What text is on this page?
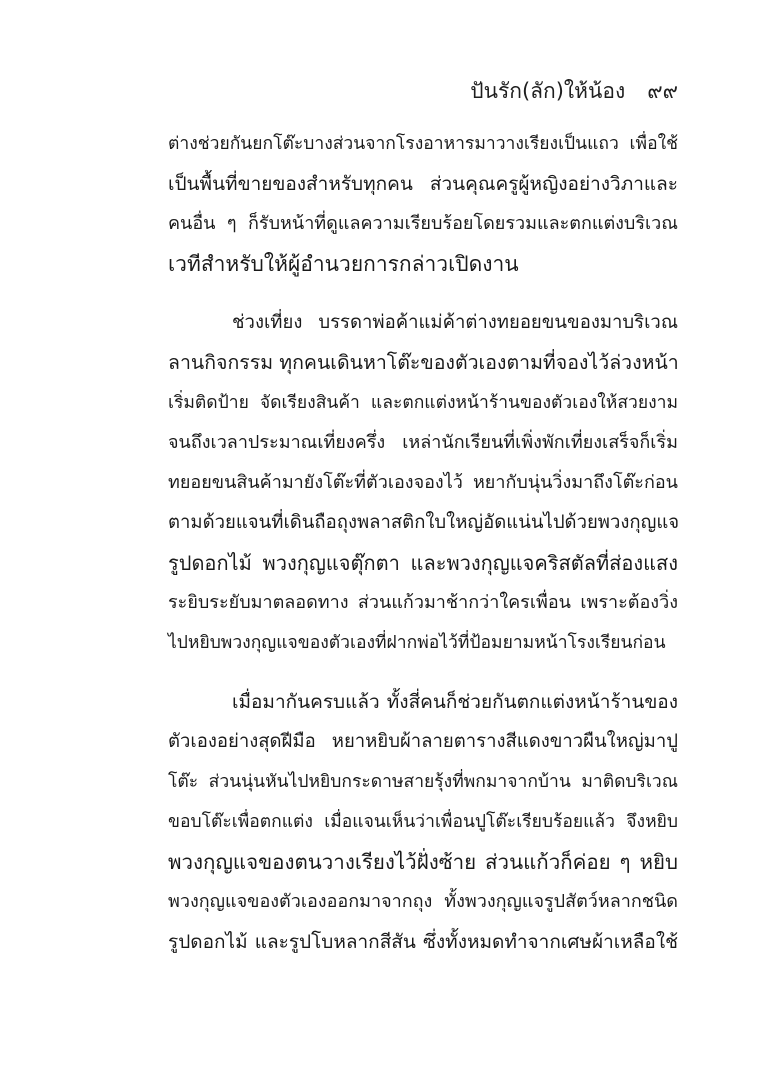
ปันรัก(ลัก)ให้น้อง ๙๙
ต่างช่วยกันยกโต๊ะบางส่วนจากโรงอาหารมาวางเรียงเป็นแถว เพื่อใช้
เป็นพื้นที่ขายของสำหรับทุกคน ส่วนคุณครูผู้หญิงอย่างวิภาและ
คนอื่น ๆ ก็รับหน้าที่ดูแลความเรียบร้อยโดยรวมและตกแต่งบริเวณ
เวทีสำหรับให้ผู้อำนวยการกล่าวเปิดงาน
ช่วงเที่ยง บรรดาพ่อค้าแม่ค้าต่างทยอยขนของมาบริเวณ
ลานกิจกรรม ทุกคนเดินหาโต๊ะของตัวเองตามที่จองไว้ล่วงหน้า
เริ่มติดป้าย จัดเรียงสินค้า และตกแต่งหน้าร้านของตัวเองให้สวยงาม
จนถึงเวลาประมาณเที่ยงครึ่ง เหล่านักเรียนที่เพิ่งพักเที่ยงเสร็จก็เริ่ม
ทยอยขนสินค้ามายังโต๊ะที่ตัวเองจองไว้ หยากับนุ่นวิ่งมาถึงโต๊ะก่อน
ตามด้วยแจนที่เดินถือถุงพลาสติกใบใหญ่อัดแน่นไปด้วยพวงกุญแจ
รูปดอกไม้ พวงกุญแจตุ๊กตา และพวงกุญแจคริสตัลที่ส่องแสง
ระยิบระยับมาตลอดทาง ส่วนแก้วมาช้ากว่าใครเพื่อน เพราะต้องวิ่ง
ไปหยิบพวงกุญแจของตัวเองที่ฝากพ่อไว้ที่ป้อมยามหน้าโรงเรียนก่อน
เมื่อมากันครบแล้ว ทั้งสี่คนก็ช่วยกันตกแต่งหน้าร้านของ
ตัวเองอย่างสุดฝีมือ หยาหยิบผ้าลายตารางสีแดงขาวผืนใหญ่มาปู
โต๊ะ ส่วนนุ่นหันไปหยิบกระดาษสายรุ้งที่พกมาจากบ้าน มาติดบริเวณ
ขอบโต๊ะเพื่อตกแต่ง เมื่อแจนเห็นว่าเพื่อนปูโต๊ะเรียบร้อยแล้ว จึงหยิบ
พวงกุญแจของตนวางเรียงไว้ฝั่งซ้าย ส่วนแก้วก็ค่อย ๆ หยิบ
พวงกุญแจของตัวเองออกมาจากถุง ทั้งพวงกุญแจรูปสัตว์หลากชนิด
รูปดอกไม้ และรูปโบหลากสีสัน ซึ่งทั้งหมดทำจากเศษผ้าเหลือใช้
